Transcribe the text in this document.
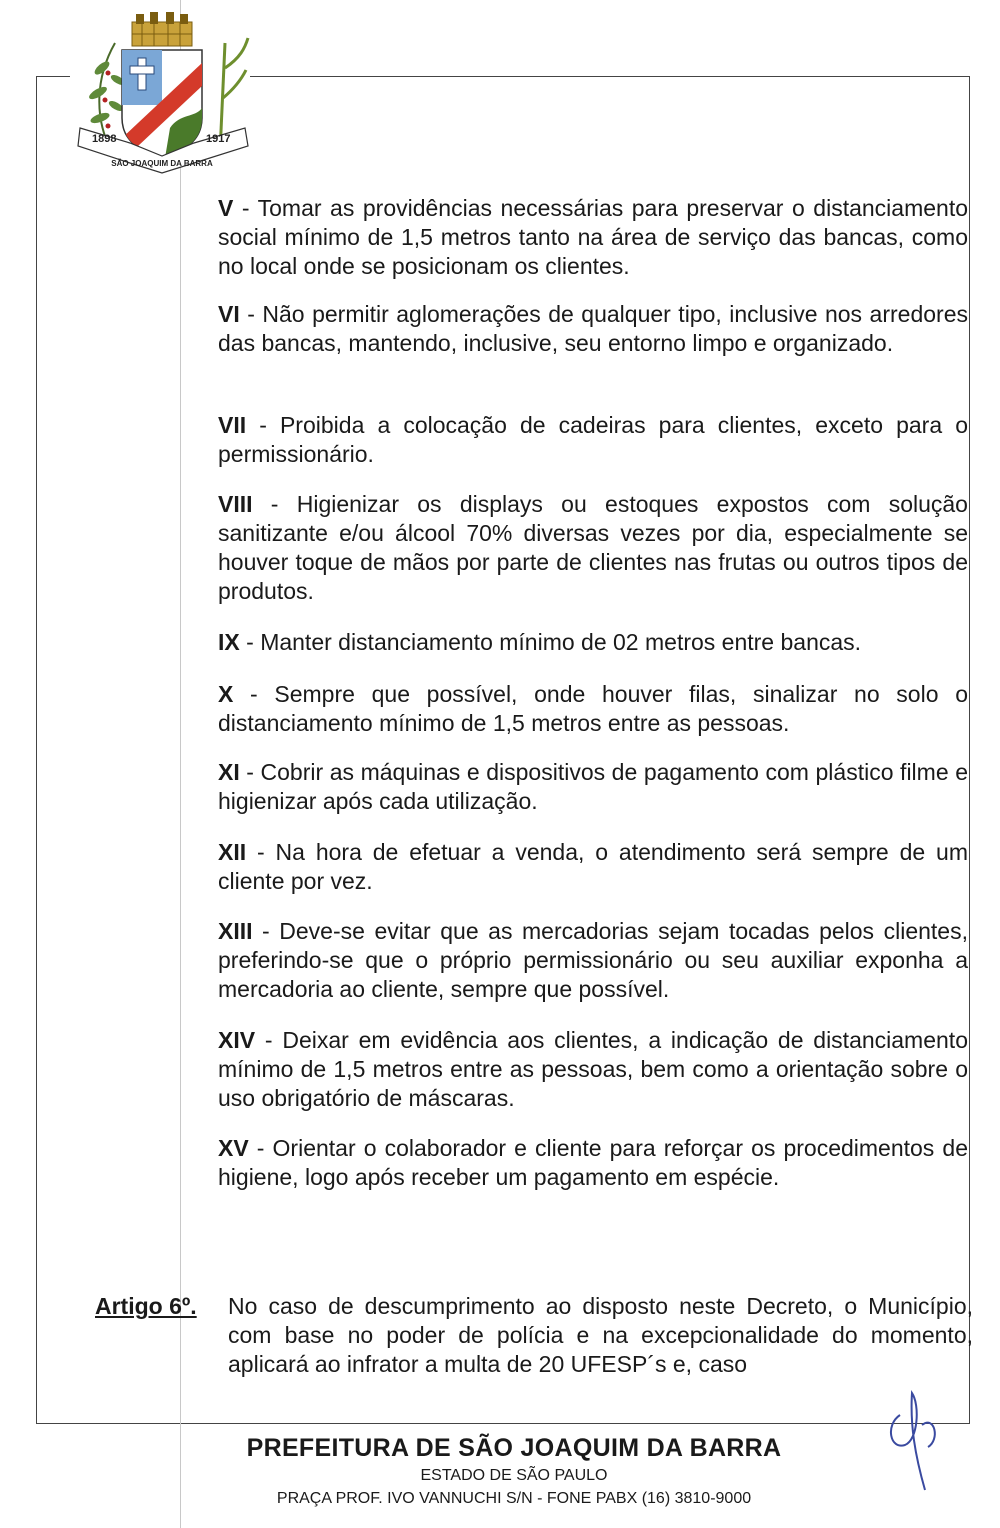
1898	1917
SÃO JOAQUIM DA BARRA
V - Tomar as providências necessárias para preservar o distanciamento social mínimo de 1,5 metros tanto na área de serviço das bancas, como no local onde se posicionam os clientes.
VI - Não permitir aglomerações de qualquer tipo, inclusive nos arredores das bancas, mantendo, inclusive, seu entorno limpo e organizado.
VII - Proibida a colocação de cadeiras para clientes, exceto para o permissionário.
VIII - Higienizar os displays ou estoques expostos com solução sanitizante e/ou álcool 70% diversas vezes por dia, especialmente se houver toque de mãos por parte de clientes nas frutas ou outros tipos de produtos.
IX - Manter distanciamento mínimo de 02 metros entre bancas.
X - Sempre que possível, onde houver filas, sinalizar no solo o distanciamento mínimo de 1,5 metros entre as pessoas.
XI - Cobrir as máquinas e dispositivos de pagamento com plástico filme e higienizar após cada utilização.
XII - Na hora de efetuar a venda, o atendimento será sempre de um cliente por vez.
XIII - Deve-se evitar que as mercadorias sejam tocadas pelos clientes, preferindo-se que o próprio permissionário ou seu auxiliar exponha a mercadoria ao cliente, sempre que possível.
XIV - Deixar em evidência aos clientes, a indicação de distanciamento mínimo de 1,5 metros entre as pessoas, bem como a orientação sobre o uso obrigatório de máscaras.
XV - Orientar o colaborador e cliente para reforçar os procedimentos de higiene, logo após receber um pagamento em espécie.
Artigo 6º. No caso de descumprimento ao disposto neste Decreto, o Município, com base no poder de polícia e na excepcionalidade do momento, aplicará ao infrator a multa de 20 UFESP´s e, caso
PREFEITURA DE SÃO JOAQUIM DA BARRA
ESTADO DE SÃO PAULO
PRAÇA PROF. IVO VANNUCHI S/N - FONE PABX (16) 3810-9000
